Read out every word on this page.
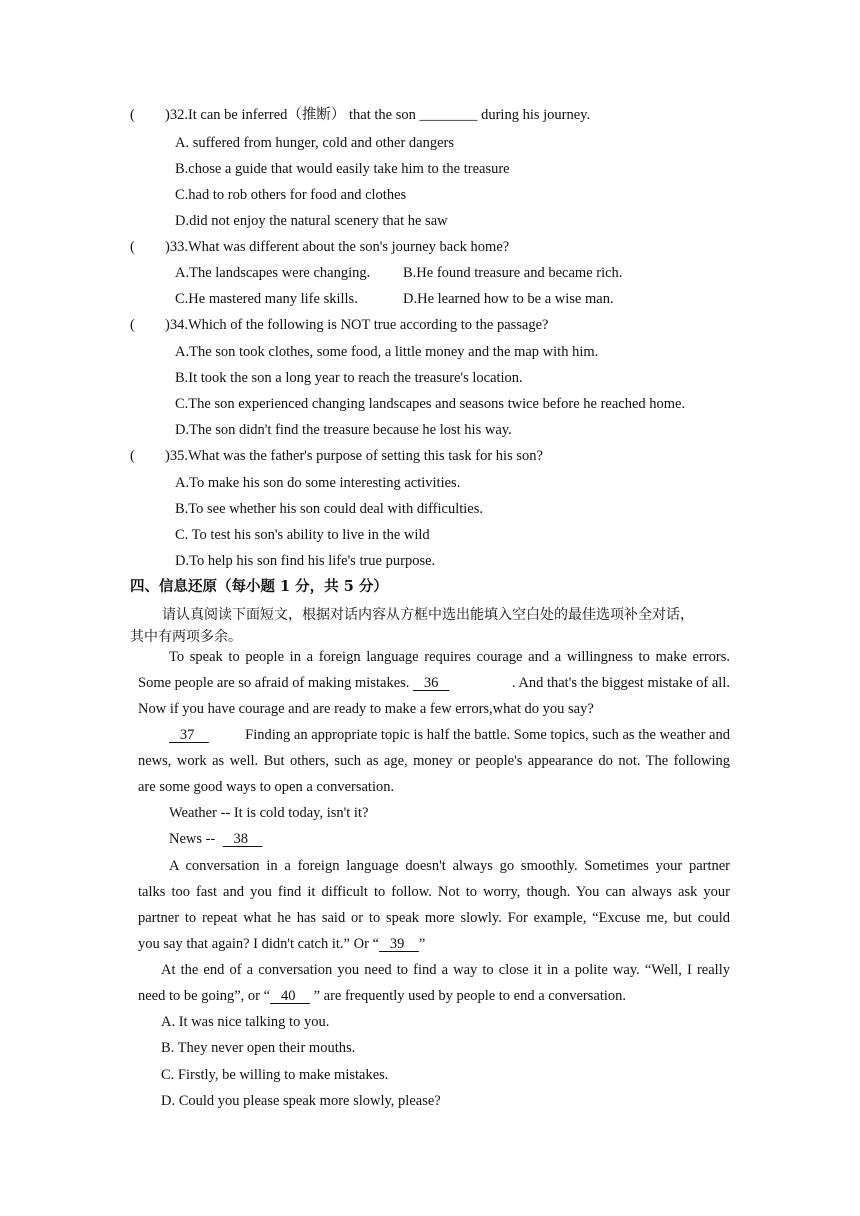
( )32.It can be inferred（推断） that the son ________ during his journey.
A. suffered from hunger, cold and other dangers
B.chose a guide that would easily take him to the treasure
C.had to rob others for food and clothes
D.did not enjoy the natural scenery that he saw
( )33.What was different about the son's journey back home?
A.The landscapes were changing. B.He found treasure and became rich.
C.He mastered many life skills.	D.He learned how to be a wise man.
( )34.Which of the following is NOT true according to the passage?
A.The son took clothes, some food, a little money and the map with him.
B.It took the son a long year to reach the treasure's location.
C.The son experienced changing landscapes and seasons twice before he reached home.
D.The son didn't find the treasure because he lost his way.
( )35.What was the father's purpose of setting this task for his son?
A.To make his son do some interesting activities.
B.To see whether his son could deal with difficulties.
C. To test his son's ability to live in the wild
D.To help his son find his life's true purpose.
四、信息还原（每小题 1 分，共 5 分）
请认真阅读下面短文，根据对话内容从方框中选出能填入空白处的最佳选项补全对话，
其中有两项多余。
To speak to people in a foreign language requires courage and a willingness to make errors.
Some people are so afraid of making mistakes. 36	. And that's the biggest mistake of all.
Now if you have courage and are ready to make a few errors,what do you say?
37 Finding an appropriate topic is half the battle. Some topics, such as the weather and
news, work as well. But others, such as age, money or people's appearance do not. The following
are some good ways to open a conversation.
Weather -- It is cold today, isn't it?
News --     38
A conversation in a foreign language doesn't always go smoothly. Sometimes your partner
talks too fast and you find it difficult to follow. Not to worry, though. You can always ask your
partner to repeat what he has said or to speak more slowly. For example, “Excuse me, but could
you say that again? I didn't catch it.” Or “   39    ”
At the end of a conversation you need to find a way to close it in a polite way. “Well, I really
need to be going”, or “   40     ” are frequently used by people to end a conversation.
A. It was nice talking to you.
B. They never open their mouths.
C. Firstly, be willing to make mistakes.
D. Could you please speak more slowly, please?
